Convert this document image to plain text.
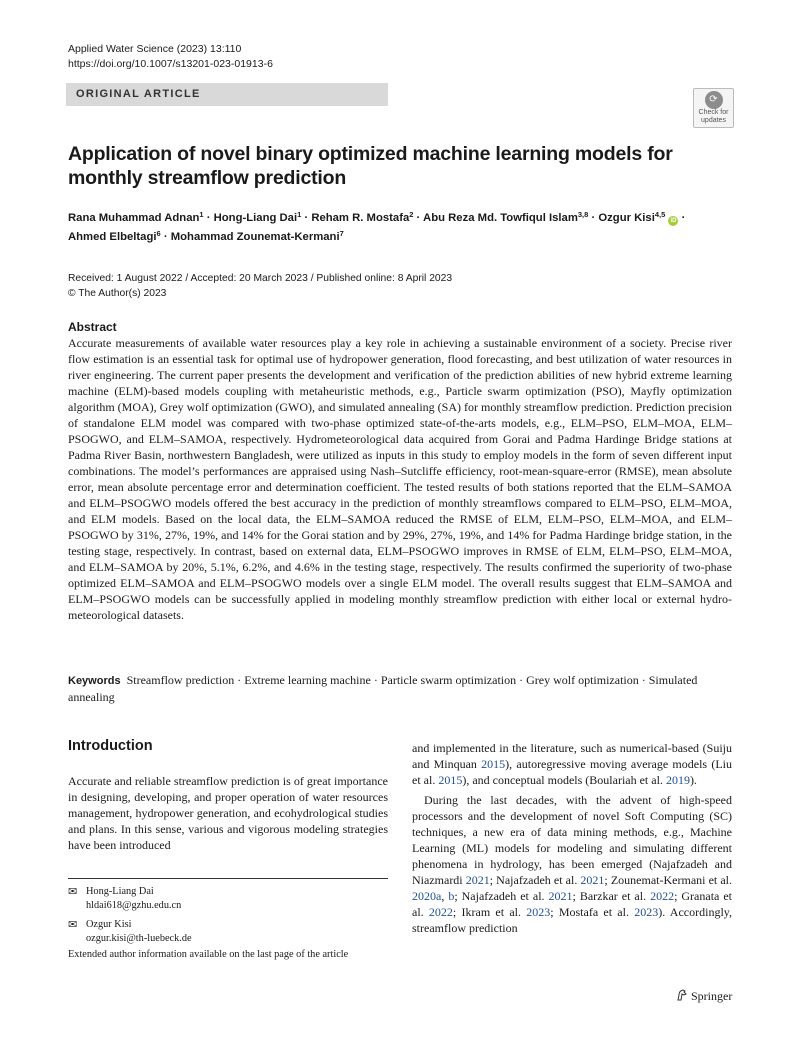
Applied Water Science (2023) 13:110
https://doi.org/10.1007/s13201-023-01913-6
ORIGINAL ARTICLE	⟳
Check for
updates
Application of novel binary optimized machine learning models for monthly streamflow prediction
Rana Muhammad Adnan$^1$ · Hong-Liang Dai$^1$ · Reham R. Mostafa$^2$ · Abu Reza Md. Towfiqul Islam$^{3,8}$ · Ozgur Kisi$^{4,5}$ iD ·
Ahmed Elbeltagi$^6$ · Mohammad Zounemat-Kermani$^7$
Received: 1 August 2022 / Accepted: 20 March 2023 / Published online: 8 April 2023
© The Author(s) 2023
Abstract
Accurate measurements of available water resources play a key role in achieving a sustainable environment of a society. Precise river flow estimation is an essential task for optimal use of hydropower generation, flood forecasting, and best utilization of water resources in river engineering. The current paper presents the development and verification of the prediction abilities of new hybrid extreme learning machine (ELM)-based models coupling with metaheuristic methods, e.g., Particle swarm optimization (PSO), Mayfly optimization algorithm (MOA), Grey wolf optimization (GWO), and simulated annealing (SA) for monthly streamflow prediction. Prediction precision of standalone ELM model was compared with two-phase optimized state-of-the-arts models, e.g., ELM–PSO, ELM–MOA, ELM–PSOGWO, and ELM–SAMOA, respectively. Hydrometeorological data acquired from Gorai and Padma Hardinge Bridge stations at Padma River Basin, northwestern Bangladesh, were utilized as inputs in this study to employ models in the form of seven different input combinations. The model’s performances are appraised using Nash–Sutcliffe efficiency, root-mean-square-error (RMSE), mean absolute error, mean absolute percentage error and determination coefficient. The tested results of both stations reported that the ELM–SAMOA and ELM–PSOGWO models offered the best accuracy in the prediction of monthly streamflows compared to ELM–PSO, ELM–MOA, and ELM models. Based on the local data, the ELM–SAMOA reduced the RMSE of ELM, ELM–PSO, ELM–MOA, and ELM–PSOGWO by 31%, 27%, 19%, and 14% for the Gorai station and by 29%, 27%, 19%, and 14% for Padma Hardinge bridge station, in the testing stage, respectively. In contrast, based on external data, ELM–PSOGWO improves in RMSE of ELM, ELM–PSO, ELM–MOA, and ELM–SAMOA by 20%, 5.1%, 6.2%, and 4.6% in the testing stage, respectively. The results confirmed the superiority of two-phase optimized ELM–SAMOA and ELM–PSOGWO models over a single ELM model. The overall results suggest that ELM–SAMOA and ELM–PSOGWO models can be successfully applied in modeling monthly streamflow prediction with either local or external hydro-meteorological datasets.
Keywords Streamflow prediction · Extreme learning machine · Particle swarm optimization · Grey wolf optimization · Simulated annealing
Introduction
Accurate and reliable streamflow prediction is of great importance in designing, developing, and proper operation of water resources management, hydropower generation, and ecohydrological studies and plans. In this sense, various and vigorous modeling strategies have been introduced

and implemented in the literature, such as numerical-based (Suiju and Minquan 2015), autoregressive moving average models (Liu et al. 2015), and conceptual models (Boulariah et al. 2019).

During the last decades, with the advent of high-speed processors and the development of novel Soft Computing (SC) techniques, a new era of data mining methods, e.g., Machine Learning (ML) models for modeling and simulating different phenomena in hydrology, has been emerged (Najafzadeh and Niazmardi 2021; Najafzadeh et al. 2021; Zounemat-Kermani et al. 2020a, b; Najafzadeh et al. 2021; Barzkar et al. 2022; Granata et al. 2022; Ikram et al. 2023; Mostafa et al. 2023). Accordingly, streamflow prediction

✉ Hong-Liang Dai
hldai618@gzhu.edu.cn
✉ Ozgur Kisi
ozgur.kisi@th-luebeck.de
Extended author information available on the last page of the article
Springer
